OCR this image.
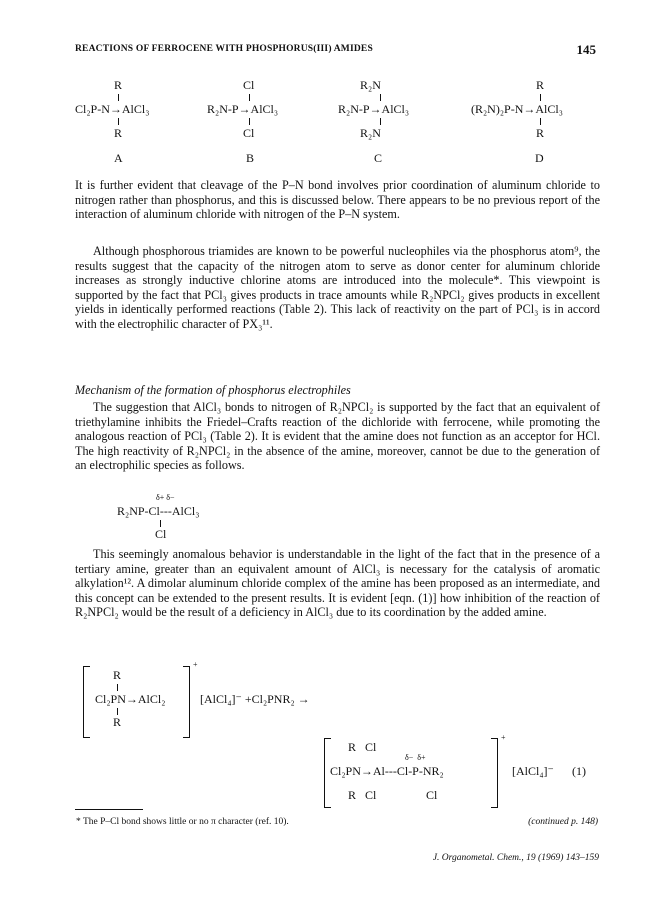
REACTIONS OF FERROCENE WITH PHOSPHORUS(III) AMIDES	145
R
Cl₂P-N→AlCl₃
R
A
Cl
R₂N-P→AlCl₃
Cl
B
R₂N
R₂N-P→AlCl₃
R₂N
C
R
(R₂N)₂P-N→AlCl₃
R
D

It is further evident that cleavage of the P–N bond involves prior coordination of aluminum chloride to nitrogen rather than phosphorus, and this is discussed below. There appears to be no previous report of the interaction of aluminum chloride with nitrogen of the P–N system.

Although phosphorous triamides are known to be powerful nucleophiles via the phosphorus atom⁹, the results suggest that the capacity of the nitrogen atom to serve as donor center for aluminum chloride increases as strongly inductive chlorine atoms are introduced into the molecule*. This viewpoint is supported by the fact that PCl₃ gives products in trace amounts while R₂NPCl₂ gives products in excellent yields in identically performed reactions (Table 2). This lack of reactivity on the part of PCl₃ is in accord with the electrophilic character of PX₃¹¹.

Mechanism of the formation of phosphorus electrophiles

The suggestion that AlCl₃ bonds to nitrogen of R₂NPCl₂ is supported by the fact that an equivalent of triethylamine inhibits the Friedel–Crafts reaction of the dichloride with ferrocene, while promoting the analogous reaction of PCl₃ (Table 2). It is evident that the amine does not function as an acceptor for HCl. The high reactivity of R₂NPCl₂ in the absence of the amine, moreover, cannot be due to the generation of an electrophilic species as follows.

δ+ δ−
R₂NP-Cl---AlCl₃
Cl

This seemingly anomalous behavior is understandable in the light of the fact that in the presence of a tertiary amine, greater than an equivalent amount of AlCl₃ is necessary for the catalysis of aromatic alkylation¹². A dimolar aluminum chloride complex of the amine has been proposed as an intermediate, and this concept can be extended to the present results. It is evident [eqn. (1)] how inhibition of the reaction of R₂NPCl₂ would be the result of a deficiency in AlCl₃ due to its coordination by the added amine.

+
R
Cl₂PN→AlCl₂
R
[AlCl₄]⁻ +Cl₂PNR₂ →
+
R   Cl
δ−  δ+
Cl₂PN→Al---Cl-P-NR₂
R   Cl	Cl
[AlCl₄]⁻ (1)
* The P–Cl bond shows little or no π character (ref. 10).	(continued p. 148)
J. Organometal. Chem., 19 (1969) 143–159
